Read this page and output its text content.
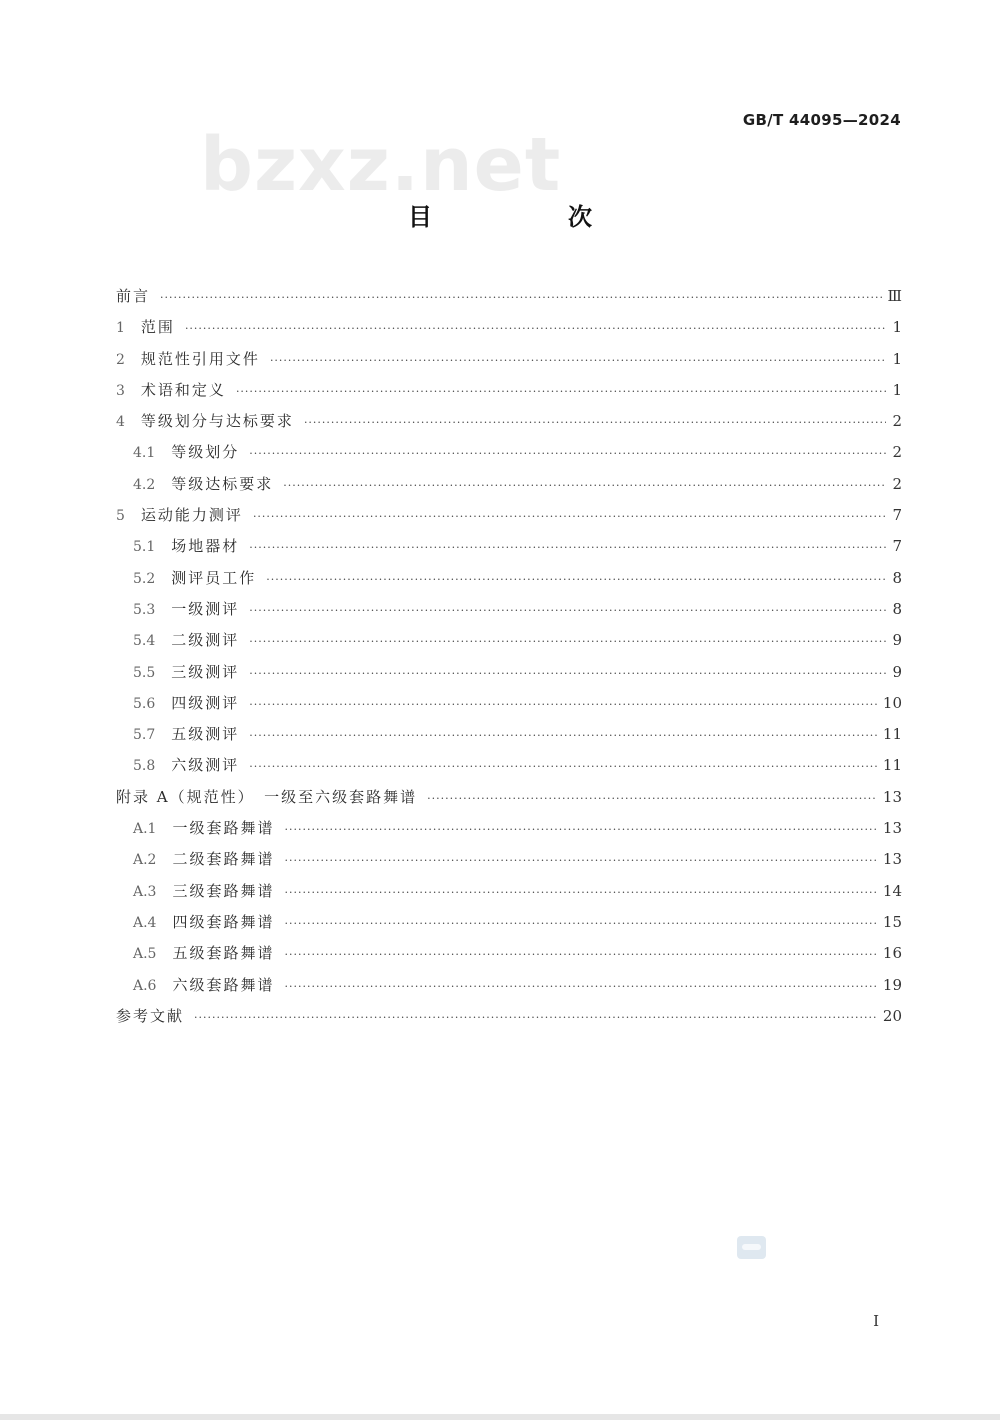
GB/T 44095—2024
bzxz.net
目　次
前言 ·····	Ⅲ
1 范围 ·····	1
2 规范性引用文件 ·····	1
3 术语和定义 ·····	1
4 等级划分与达标要求 ·····	2
4.1 等级划分 ·····	2
4.2 等级达标要求 ·····	2
5 运动能力测评 ·····	7
5.1 场地器材 ·····	7
5.2 测评员工作 ·····	8
5.3 一级测评 ·····	8
5.4 二级测评 ·····	9
5.5 三级测评 ·····	9
5.6 四级测评 ·····	10
5.7 五级测评 ·····	11
5.8 六级测评 ·····	11
附录 A（规范性）　一级至六级套路舞谱 ·····	13
A.1 一级套路舞谱 ·····	13
A.2 二级套路舞谱 ·····	13
A.3 三级套路舞谱 ·····	14
A.4 四级套路舞谱 ·····	15
A.5 五级套路舞谱 ·····	16
A.6 六级套路舞谱 ·····	19
参考文献 ·····	20
I
